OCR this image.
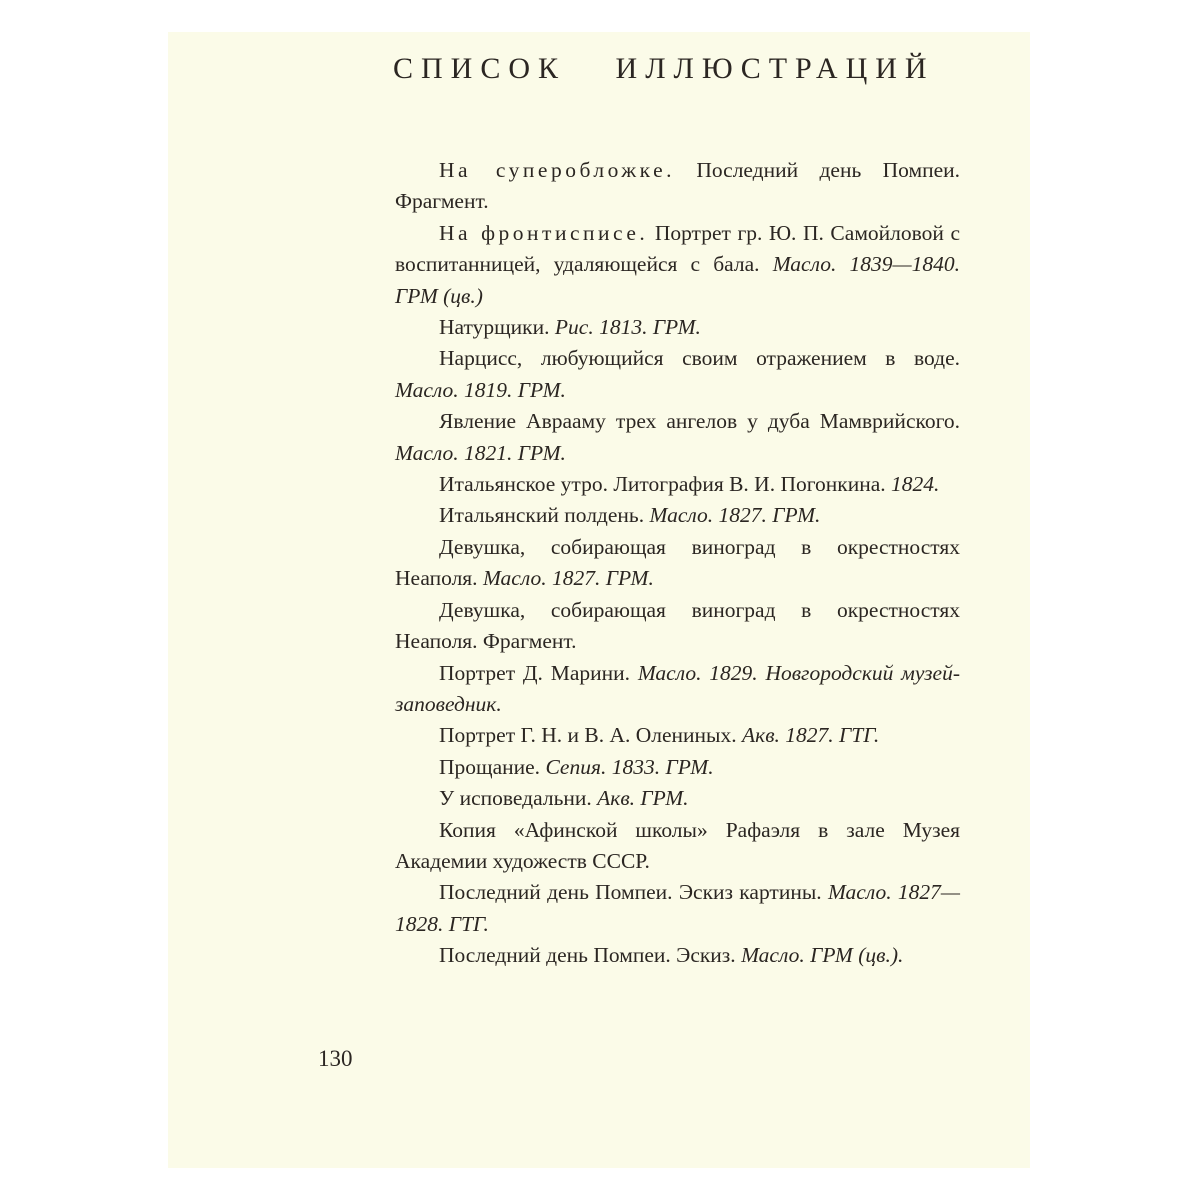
СПИСОК ИЛЛЮСТРАЦИЙ

На суперобложке. Последний день Помпеи. Фрагмент.

На фронтисписе. Портрет гр. Ю. П. Самойловой с воспитанницей, удаляющейся с бала. Масло. 1839—1840. ГРМ (цв.)

Натурщики. Рис. 1813. ГРМ.

Нарцисс, любующийся своим отражением в воде. Масло. 1819. ГРМ.

Явление Аврааму трех ангелов у дуба Мамврийского. Масло. 1821. ГРМ.

Итальянское утро. Литография В. И. Погонкина. 1824.

Итальянский полдень. Масло. 1827. ГРМ.

Девушка, собирающая виноград в окрестностях Неаполя. Масло. 1827. ГРМ.

Девушка, собирающая виноград в окрестностях Неаполя. Фрагмент.

Портрет Д. Марини. Масло. 1829. Новгородский музей-заповедник.

Портрет Г. Н. и В. А. Олениных. Акв. 1827. ГТГ.

Прощание. Сепия. 1833. ГРМ.

У исповедальни. Акв. ГРМ.

Копия «Афинской школы» Рафаэля в зале Музея Академии художеств СССР.

Последний день Помпеи. Эскиз картины. Масло. 1827—1828. ГТГ.

Последний день Помпеи. Эскиз. Масло. ГРМ (цв.).

130
